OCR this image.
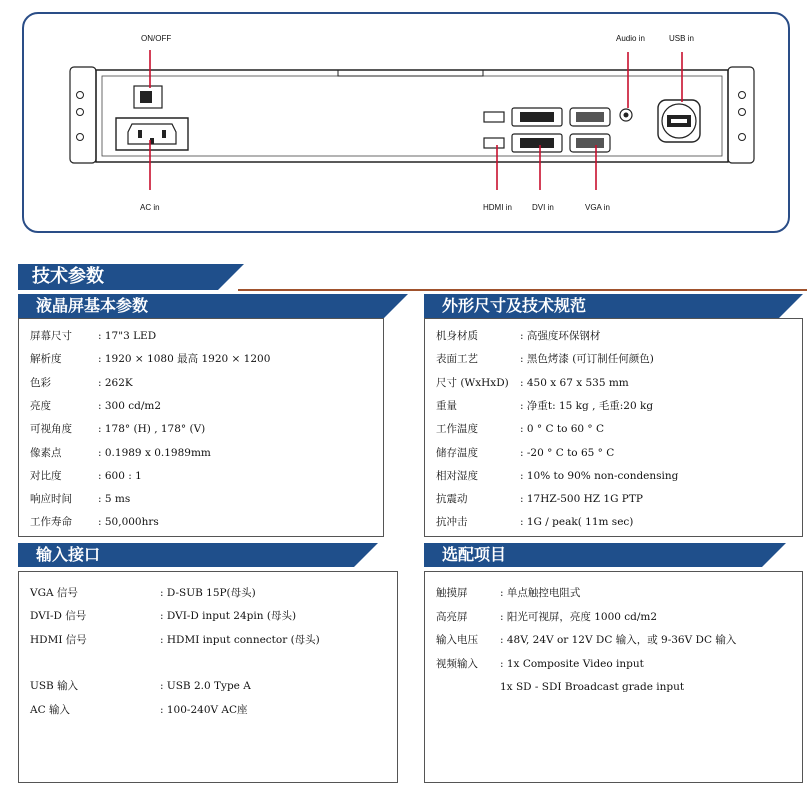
ON/OFF	Audio in	USB in
AC in	HDMI in	DVI in	VGA in
技术参数
液晶屏基本参数
屏幕尺寸 : 17"3 LED
解析度	: 1920 × 1080 最高 1920 × 1200
色彩	: 262K
亮度	: 300 cd/m2
可视角度 : 178° (H) , 178° (V)
像素点	: 0.1989 x 0.1989mm
对比度	: 600 : 1
响应时间 : 5 ms
工作寿命 : 50,000hrs
外形尺寸及技术规范
机身材质	: 高强度环保钢材
表面工艺	: 黑色烤漆 (可订制任何颜色)
尺寸 (WxHxD) : 450 x 67 x 535 mm
重量	: 净重t: 15 kg , 毛重:20 kg
工作温度	: 0 ° C to 60 ° C
储存温度	: -20 ° C to 65 ° C
相对湿度	: 10% to 90% non-condensing
抗震动	: 17HZ-500 HZ 1G PTP
抗冲击	: 1G / peak( 11m sec)
输入接口
VGA 信号	: D-SUB 15P(母头)
DVI-D 信号	: DVI-D input 24pin (母头)
HDMI 信号	: HDMI input connector (母头)
USB 输入	: USB 2.0 Type A
AC 输入	: 100-240V AC座
选配项目
触摸屏	: 单点触控电阻式
高亮屏	: 阳光可视屏，亮度 1000 cd/m2
输入电压 : 48V, 24V or 12V DC 输入，或 9-36V DC 输入
视频输入 : 1x Composite Video input
1x SD - SDI Broadcast grade input
